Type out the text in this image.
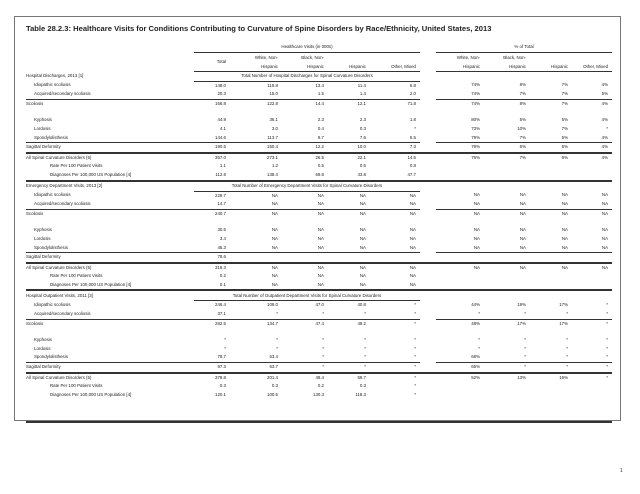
Table 28.2.3: Healthcare Visits for Conditions Contributing to Curvature of Spine Disorders by Race/Ethnicity, United States, 2013
	Healthcare Visits (in 000s)						% of Total			
	Total	White, Non-	Black, Non-				White, Non-	Black, Non-		
		Hispanic	Hispanic	Hispanic	Other, Mixed		Hispanic	Hispanic	Hispanic	Other, Mixed
Hospital Discharges, 2013 [1]	Total Number of Hospital Discharges for Spinal Curvature Disorders									
Idiopathic scoliosis	148.0	119.8	13.4	11.4	6.8		74%	8%	7%	4%
Acquired/secondary scoliosis	20.3	15.0	1.5	1.4	2.0		74%	7%	7%	5%
Scoliosis	166.8	122.8	14.4	12.1	71.8		74%	8%	7%	4%

Kyphosis	44.9	36.1	2.3	2.3	1.8		80%	5%	5%	4%
Lordosis	4.1	3.0	0.4	0.3	*		73%	10%	7%	*
Spondylolisthesis	144.6	113.7	9.7	7.6	5.5		79%	7%	5%	4%
Sagittal Deformity	190.5	150.4	12.2	10.0	7.3		79%	6%	5%	4%
All Spinal Curvature Disorders (5)	357.0	273.1	26.5	22.1	14.5		76%	7%	6%	4%
Rate Per 100 Patient Visits	1.1	1.2	0.5	0.5	0.8					
Diagnoses Per 100,000 US Population [4]	112.9	138.4	69.8	43.8	47.7					
Emergency Department Visits, 2013 [2]	Total Number of Emergency Department Visits for Spinal Curvature Disorders									
Idiopathic scoliosis	229.7	NA	NA	NA	NA		NA	NA	NA	NA
Acquired/secondary scoliosis	14.7	NA	NA	NA	NA		NA	NA	NA	NA
Scoliosis	240.7	NA	NA	NA	NA		NA	NA	NA	NA

Kyphosis	30.5	NA	NA	NA	NA		NA	NA	NA	NA
Lordosis	3.4	NA	NA	NA	NA		NA	NA	NA	NA
Spondylolisthesis	45.3	NA	NA	NA	NA		NA	NA	NA	NA
Sagittal Deformity	78.6									
All Spinal Curvature Disorders (5)	319.3	NA	NA	NA	NA		NA	NA	NA	NA
Rate Per 100 Patient Visits	0.2	NA	NA	NA	NA					
Diagnoses Per 100,000 US Population [4]	0.1	NA	NA	NA	NA					
Hospital Outpatient Visits, 2011 [3]	Total Number of Outpatient Department Visits for Spinal Curvature Disorders									
Idiopathic scoliosis	246.4	109.0	47.0	40.8	*		44%	19%	17%	*
Acquired/secondary scoliosis	37.1	*	*	*	*		*	*	*	*
Scoliosis	282.5	134.7	47.4	49.2	*		48%	17%	17%	*

Kyphosis	*	*	*	*	*		*	*	*	*
Lordosis	*	*	*	*	*		*	*	*	*
Spondylolisthesis	78.7	53.4	*	*	*		68%	*	*	*
Sagittal Deformity	97.3	63.7	*	*	*		65%	*	*	*
All Spinal Curvature Disorders (5)	379.8	201.4	49.4	59.7	*		52%	13%	16%	*
Rate Per 100 Patient Visits	0.3	0.3	0.2	0.3	*					
Diagnoses Per 100,000 US Population [4]	120.1	100.5	130.3	118.3	*					
1
